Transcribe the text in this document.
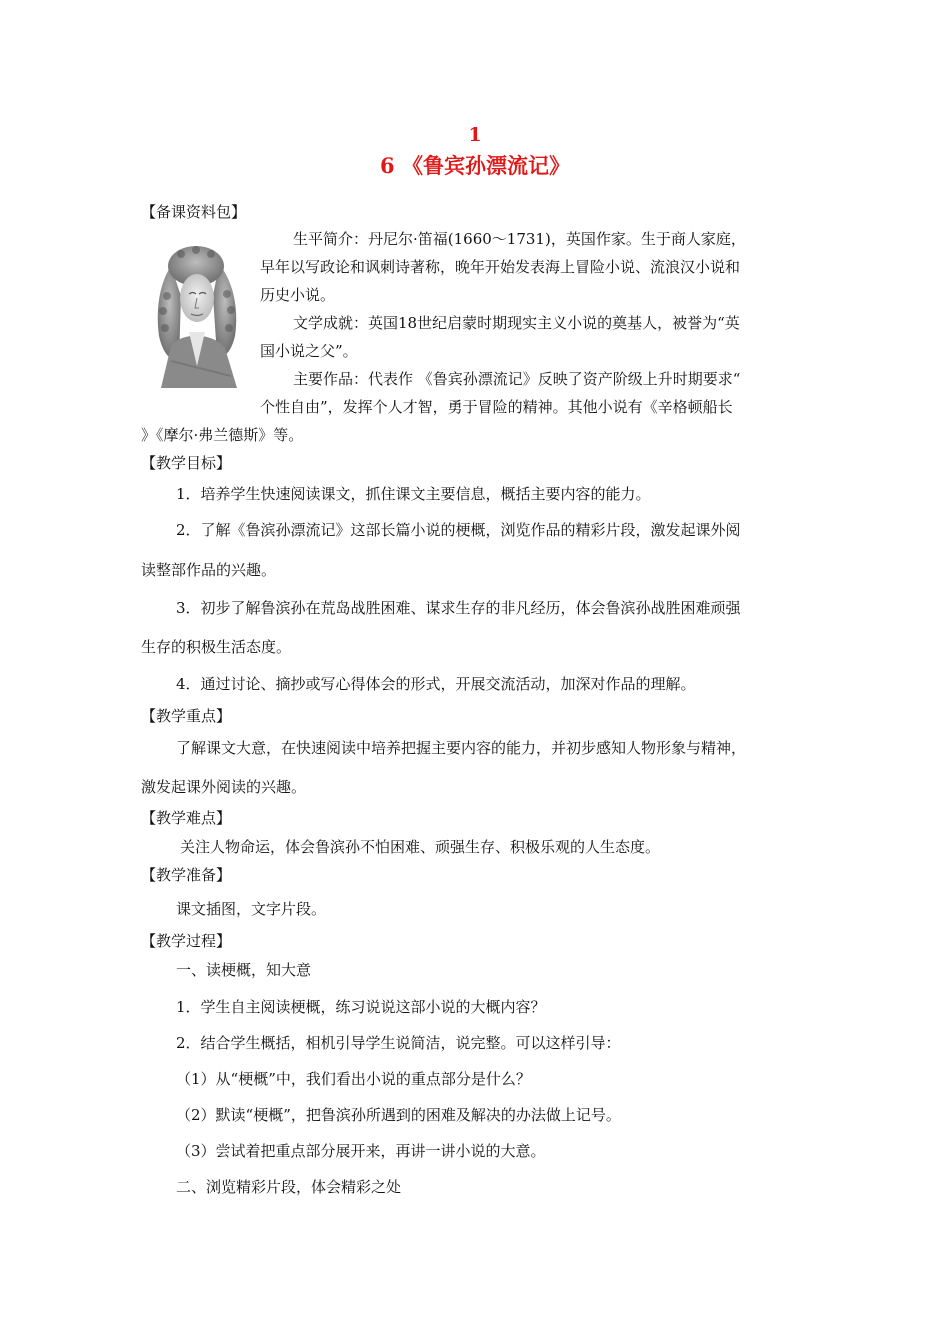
1
6 《鲁宾孙漂流记》
【备课资料包】
生平简介：丹尼尔·笛福(1660～1731)，英国作家。生于商人家庭，
早年以写政论和讽刺诗著称，晚年开始发表海上冒险小说、流浪汉小说和
历史小说。
文学成就：英国18世纪启蒙时期现实主义小说的奠基人，被誉为“英
国小说之父”。
主要作品：代表作 《鲁宾孙漂流记》反映了资产阶级上升时期要求“
个性自由”，发挥个人才智，勇于冒险的精神。其他小说有《辛格顿船长
》《摩尔·弗兰德斯》等。
【教学目标】
1．培养学生快速阅读课文，抓住课文主要信息，概括主要内容的能力。
2．了解《鲁滨孙漂流记》这部长篇小说的梗概，浏览作品的精彩片段，激发起课外阅
读整部作品的兴趣。
3．初步了解鲁滨孙在荒岛战胜困难、谋求生存的非凡经历，体会鲁滨孙战胜困难顽强
生存的积极生活态度。
4．通过讨论、摘抄或写心得体会的形式，开展交流活动，加深对作品的理解。
【教学重点】
了解课文大意，在快速阅读中培养把握主要内容的能力，并初步感知人物形象与精神，
激发起课外阅读的兴趣。
【教学难点】
关注人物命运，体会鲁滨孙不怕困难、顽强生存、积极乐观的人生态度。
【教学准备】
课文插图，文字片段。
【教学过程】
一、读梗概，知大意
1．学生自主阅读梗概，练习说说这部小说的大概内容？
2．结合学生概括，相机引导学生说简洁，说完整。可以这样引导：
（1）从“梗概”中，我们看出小说的重点部分是什么？
（2）默读“梗概”，把鲁滨孙所遇到的困难及解决的办法做上记号。
（3）尝试着把重点部分展开来，再讲一讲小说的大意。
二、浏览精彩片段，体会精彩之处
